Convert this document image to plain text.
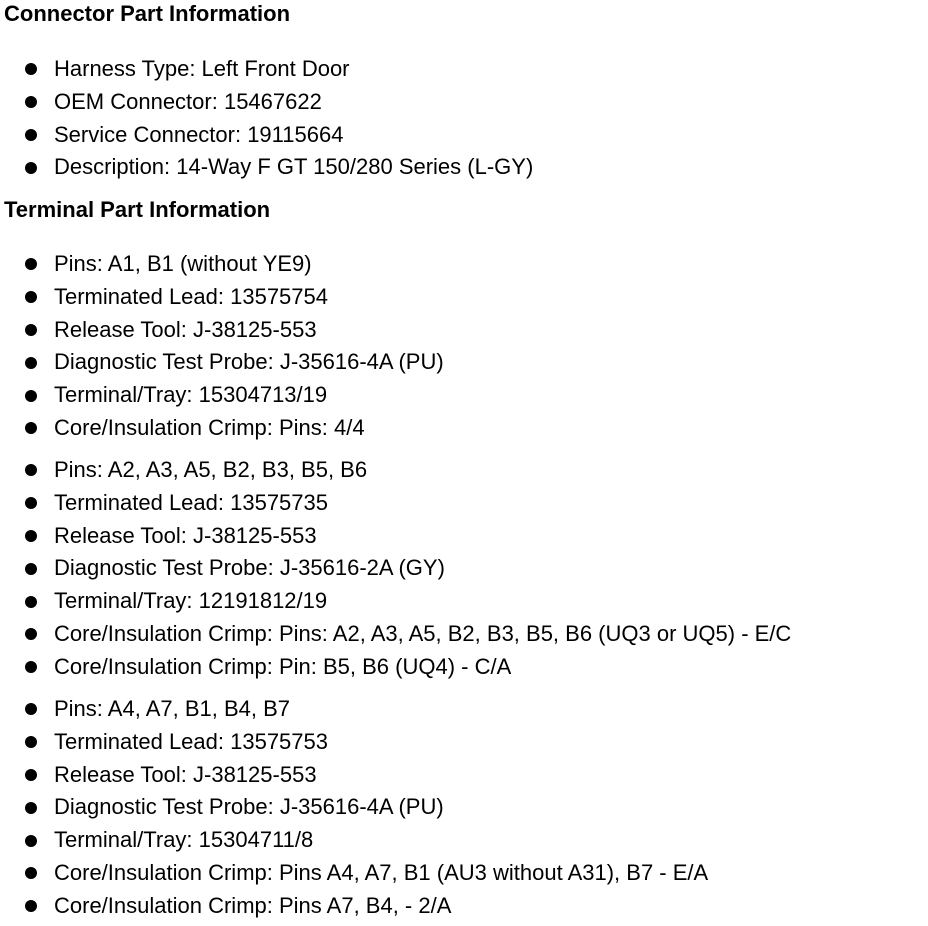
Connector Part Information
Harness Type: Left Front Door
OEM Connector: 15467622
Service Connector: 19115664
Description: 14-Way F GT 150/280 Series (L-GY)
Terminal Part Information
Pins: A1, B1 (without YE9)
Terminated Lead: 13575754
Release Tool: J-38125-553
Diagnostic Test Probe: J-35616-4A (PU)
Terminal/Tray: 15304713/19
Core/Insulation Crimp: Pins: 4/4
Pins: A2, A3, A5, B2, B3, B5, B6
Terminated Lead: 13575735
Release Tool: J-38125-553
Diagnostic Test Probe: J-35616-2A (GY)
Terminal/Tray: 12191812/19
Core/Insulation Crimp: Pins: A2, A3, A5, B2, B3, B5, B6 (UQ3 or UQ5) - E/C
Core/Insulation Crimp: Pin: B5, B6 (UQ4) - C/A
Pins: A4, A7, B1, B4, B7
Terminated Lead: 13575753
Release Tool: J-38125-553
Diagnostic Test Probe: J-35616-4A (PU)
Terminal/Tray: 15304711/8
Core/Insulation Crimp: Pins A4, A7, B1 (AU3 without A31), B7 - E/A
Core/Insulation Crimp: Pins A7, B4, - 2/A
